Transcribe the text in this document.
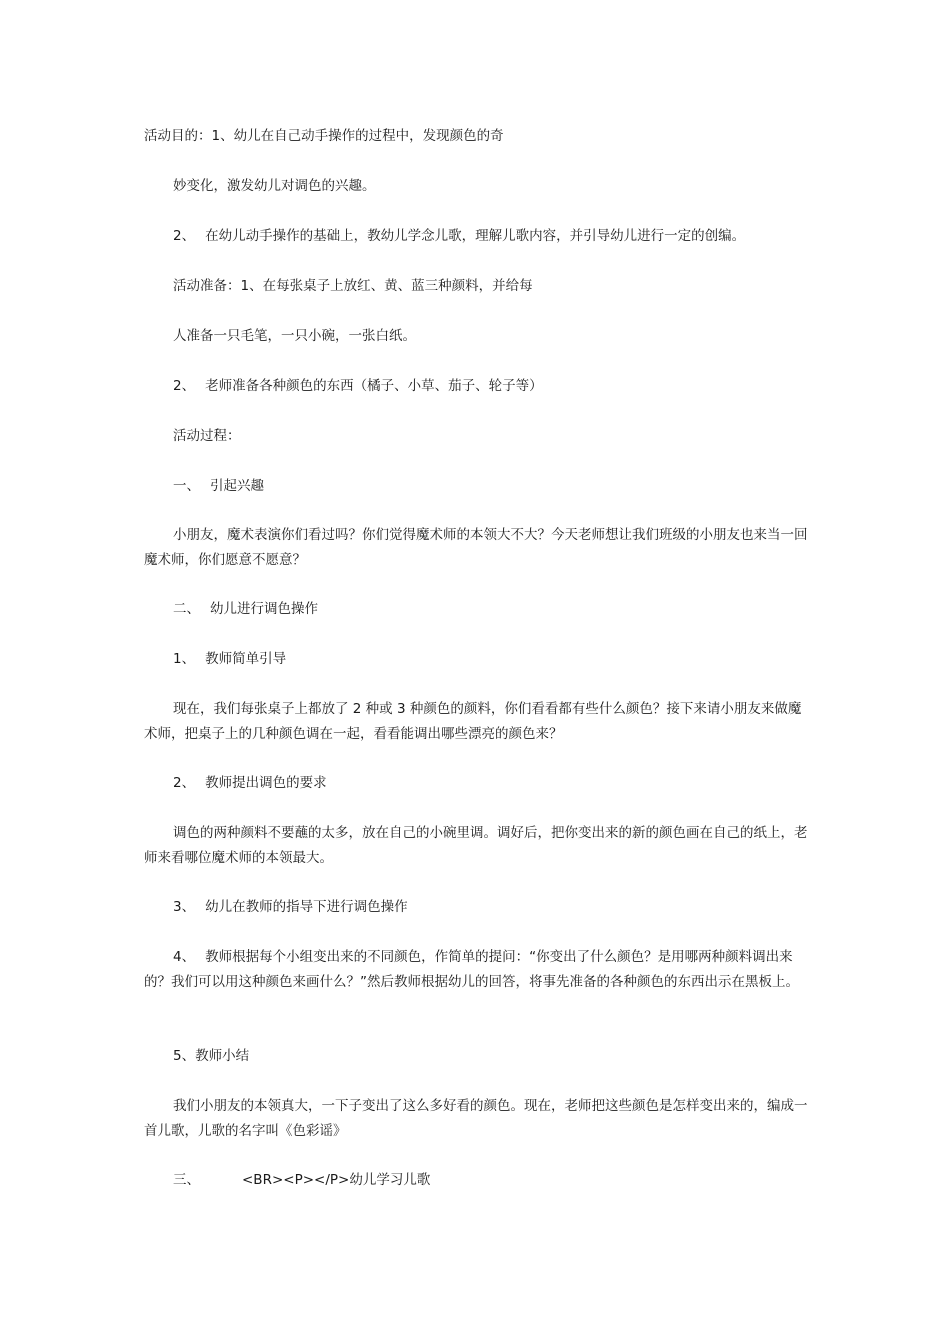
活动目的：1、幼儿在自己动手操作的过程中，发现颜色的奇

妙变化，激发幼儿对调色的兴趣。

2、 在幼儿动手操作的基础上，教幼儿学念儿歌，理解儿歌内容，并引导幼儿进行一定的创编。

活动准备：1、在每张桌子上放红、黄、蓝三种颜料，并给每

人准备一只毛笔，一只小碗，一张白纸。

2、 老师准备各种颜色的东西（橘子、小草、茄子、轮子等）

活动过程：

一、 引起兴趣

小朋友，魔术表演你们看过吗？你们觉得魔术师的本领大不大？今天老师想让我们班级的小朋友也来当一回魔术师，你们愿意不愿意？

二、 幼儿进行调色操作

1、 教师简单引导

现在，我们每张桌子上都放了 2 种或 3 种颜色的颜料，你们看看都有些什么颜色？接下来请小朋友来做魔术师，把桌子上的几种颜色调在一起，看看能调出哪些漂亮的颜色来？

2、 教师提出调色的要求

调色的两种颜料不要蘸的太多，放在自己的小碗里调。调好后，把你变出来的新的颜色画在自己的纸上，老师来看哪位魔术师的本领最大。

3、 幼儿在教师的指导下进行调色操作

4、 教师根据每个小组变出来的不同颜色，作简单的提问：“你变出了什么颜色？是用哪两种颜料调出来的？我们可以用这种颜色来画什么？”然后教师根据幼儿的回答，将事先准备的各种颜色的东西出示在黑板上。

5、教师小结

我们小朋友的本领真大，一下子变出了这么多好看的颜色。现在，老师把这些颜色是怎样变出来的，编成一首儿歌，儿歌的名字叫《色彩谣》

三、	<BR><P></P>幼儿学习儿歌
